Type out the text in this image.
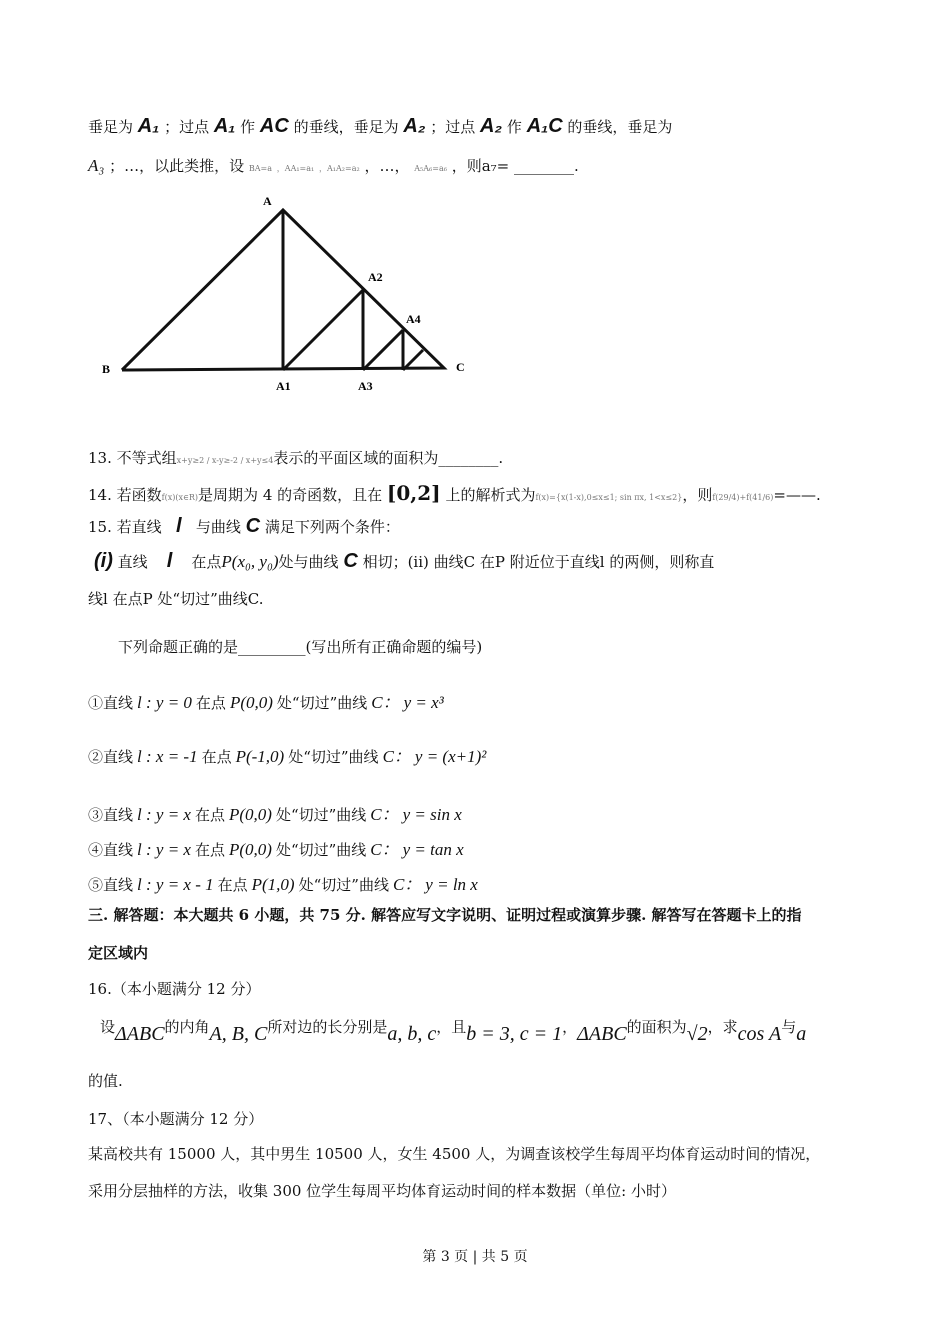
垂足为 A₁ ；过点 A₁ 作 AC 的垂线，垂足为 A₂ ；过点 A₂ 作 A₁C 的垂线，垂足为
A₃ ；…，以此类推，设 BA=a ，AA₁=a₁ ，A₁A₂=a₂ ，…， A₅A₆=a₆ ，则a₇= ________.
A
B	C
A1
A2
A3
A4
13. 不等式组x+y≥2 / x-y≥-2 / x+y≤4表示的平面区域的面积为________.
14. 若函数f(x)(x∈R)是周期为 4 的奇函数，且在 [0,2] 上的解析式为f(x)={x(1-x),0≤x≤1; sin πx, 1<x≤2}，则f(29/4)+f(41/6)=——.
15. 若直线 l 与曲线 C 满足下列两个条件：
(i) 直线 l 在点P(x₀, y₀)处与曲线 C 相切；(ii) 曲线C 在P 附近位于直线l 的两侧，则称直
线l 在点P 处“切过”曲线C.
下列命题正确的是_________(写出所有正确命题的编号)
①直线 l : y = 0 在点 P(0,0) 处“切过”曲线 C： y = x³
②直线 l : x = -1 在点 P(-1,0) 处“切过”曲线 C： y = (x+1)²
③直线 l : y = x 在点 P(0,0) 处“切过”曲线 C： y = sin x
④直线 l : y = x 在点 P(0,0) 处“切过”曲线 C： y = tan x
⑤直线 l : y = x - 1 在点 P(1,0) 处“切过”曲线 C： y = ln x
三. 解答题：本大题共 6 小题，共 75 分. 解答应写文字说明、证明过程或演算步骤. 解答写在答题卡上的指
定区域内
16.（本小题满分 12 分）
设ΔABC的内角A, B, C所对边的长分别是a, b, c，且b = 3, c = 1，ΔABC的面积为√2，求cos A与a
的值.
17、（本小题满分 12 分）
某高校共有 15000 人，其中男生 10500 人，女生 4500 人，为调查该校学生每周平均体育运动时间的情况，
采用分层抽样的方法，收集 300 位学生每周平均体育运动时间的样本数据（单位: 小时）
第 3 页 | 共 5 页
